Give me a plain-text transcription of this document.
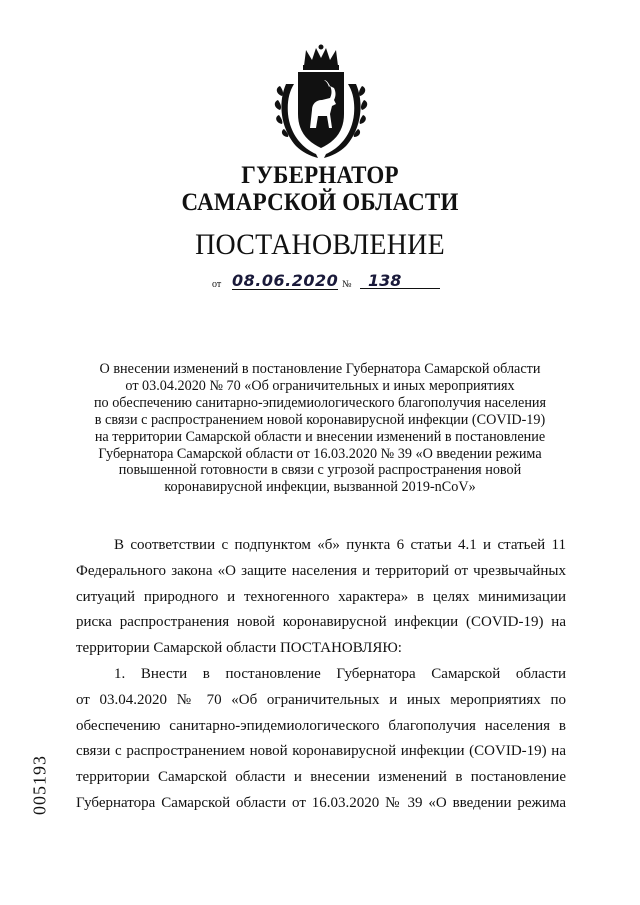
ГУБЕРНАТОР
САМАРСКОЙ ОБЛАСТИ
ПОСТАНОВЛЕНИЕ
от 08.06.2020 №	138
О внесении изменений в постановление Губернатора Самарской области
от 03.04.2020 № 70 «Об ограничительных и иных мероприятиях
по обеспечению санитарно-эпидемиологического благополучия населения
в связи с распространением новой коронавирусной инфекции (COVID-19)
на территории Самарской области и внесении изменений в постановление
Губернатора Самарской области от 16.03.2020 № 39 «О введении режима
повышенной готовности в связи с угрозой распространения новой
коронавирусной инфекции, вызванной 2019-nCoV»
В соответствии с подпунктом «б» пункта 6 статьи 4.1 и статьей 11
Федерального закона «О защите населения и территорий от чрезвычайных
ситуаций природного и техногенного характера» в целях минимизации
риска распространения новой коронавирусной инфекции (COVID-19) на
территории Самарской области ПОСТАНОВЛЯЮ:
1. Внести в постановление Губернатора Самарской области
от 03.04.2020 № 70 «Об ограничительных и иных мероприятиях по
обеспечению санитарно-эпидемиологического благополучия населения в
связи с распространением новой коронавирусной инфекции (COVID-19) на
территории Самарской области и внесении изменений в постановление
Губернатора Самарской области от 16.03.2020 № 39 «О введении режима
005193
